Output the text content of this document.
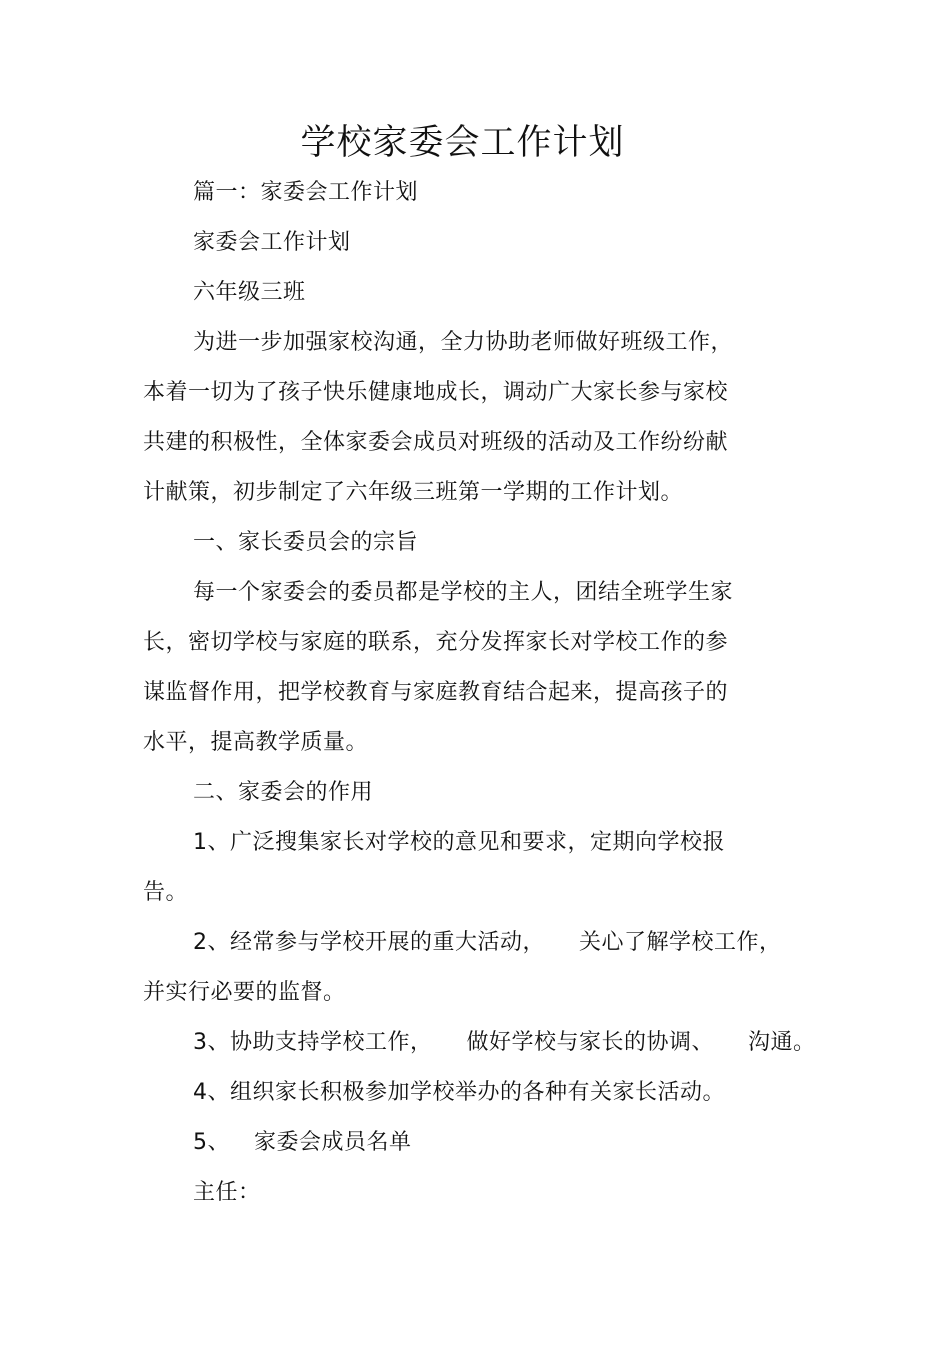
学校家委会工作计划
篇一：家委会工作计划
家委会工作计划
六年级三班
为进一步加强家校沟通，全力协助老师做好班级工作，
本着一切为了孩子快乐健康地成长，调动广大家长参与家校
共建的积极性，全体家委会成员对班级的活动及工作纷纷献
计献策，初步制定了六年级三班第一学期的工作计划。
一、家长委员会的宗旨
每一个家委会的委员都是学校的主人，团结全班学生家
长，密切学校与家庭的联系，充分发挥家长对学校工作的参
谋监督作用，把学校教育与家庭教育结合起来，提高孩子的
水平，提高教学质量。
二、家委会的作用
1、广泛搜集家长对学校的意见和要求，定期向学校报
告。
2、经常参与学校开展的重大活动， 关心了解学校工作，
并实行必要的监督。
3、协助支持学校工作， 做好学校与家长的协调、 沟通。
4、组织家长积极参加学校举办的各种有关家长活动。
5、 家委会成员名单
主任：
